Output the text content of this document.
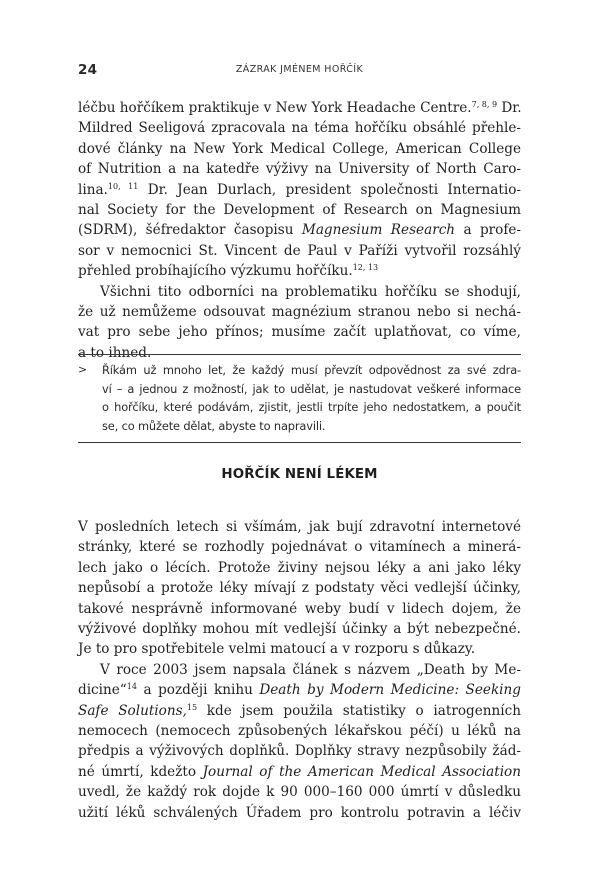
24	ZÁZRAK JMÉNEM HOŘČÍK

léčbu hořčíkem praktikuje v New York Headache Centre.$^{7, 8, 9}$ Dr.
Mildred Seeligová zpracovala na téma hořčíku obsáhlé přehle-
dové články na New York Medical College, American College
of Nutrition a na katedře výživy na University of North Caro-
lina.$^{10, 11}$ Dr. Jean Durlach, president společnosti Internatio-
nal Society for the Development of Research on Magnesium
(SDRM), šéfredaktor časopisu Magnesium Research a profe-
sor v nemocnici St. Vincent de Paul v Paříži vytvořil rozsáhlý
přehled probíhajícího výzkumu hořčíku.$^{12, 13}$

Všichni tito odborníci na problematiku hořčíku se shodují,
že už nemůžeme odsouvat magnézium stranou nebo si nechá-
vat pro sebe jeho přínos; musíme začít uplatňovat, co víme,
a to ihned.

> Říkám už mnoho let, že každý musí převzít odpovědnost za své zdra-
ví – a jednou z možností, jak to udělat, je nastudovat veškeré informace
o hořčíku, které podávám, zjistit, jestli trpíte jeho nedostatkem, a poučit
se, co můžete dělat, abyste to napravili.
HOŘČÍK NENÍ LÉKEM

V posledních letech si všímám, jak bují zdravotní internetové
stránky, které se rozhodly pojednávat o vitamínech a minerá-
lech jako o lécích. Protože živiny nejsou léky a ani jako léky
nepůsobí a protože léky mívají z podstaty věci vedlejší účinky,
takové nesprávně informované weby budí v lidech dojem, že
výživové doplňky mohou mít vedlejší účinky a být nebezpečné.
Je to pro spotřebitele velmi matoucí a v rozporu s důkazy.

V roce 2003 jsem napsala článek s názvem „Death by Me-
dicine“$^{14}$ a později knihu Death by Modern Medicine: Seeking
Safe Solutions,$^{15}$ kde jsem použila statistiky o iatrogenních
nemocech (nemocech způsobených lékařskou péčí) u léků na
předpis a výživových doplňků. Doplňky stravy nezpůsobily žád-
né úmrtí, kdežto Journal of the American Medical Association
uvedl, že každý rok dojde k 90 000–160 000 úmrtí v důsledku
užití léků schválených Úřadem pro kontrolu potravin a léčiv
